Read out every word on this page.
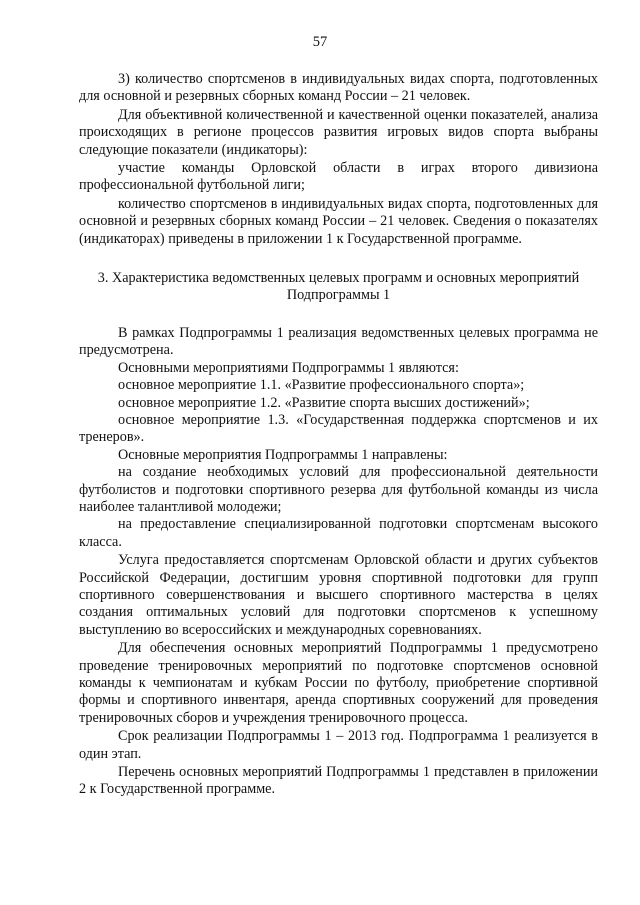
57

3) количество спортсменов в индивидуальных видах спорта, подготовленных для основной и резервных сборных команд России – 21 человек.

Для объективной количественной и качественной оценки показателей, анализа происходящих в регионе процессов развития игровых видов спорта выбраны следующие показатели (индикаторы):

участие команды Орловской области в играх второго дивизиона профессиональной футбольной лиги;

количество спортсменов в индивидуальных видах спорта, подготовленных для основной и резервных сборных команд России – 21 человек. Сведения о показателях (индикаторах) приведены в приложении 1 к Государственной программе.

3. Характеристика ведомственных целевых программ и основных мероприятий
Подпрограммы 1

В рамках Подпрограммы 1 реализация ведомственных целевых программа не предусмотрена.

Основными мероприятиями Подпрограммы 1 являются:

основное мероприятие 1.1. «Развитие профессионального спорта»;

основное мероприятие 1.2. «Развитие спорта высших достижений»;

основное мероприятие 1.3. «Государственная поддержка спортсменов и их тренеров».

Основные мероприятия Подпрограммы 1 направлены:

на создание необходимых условий для профессиональной деятельности футболистов и подготовки спортивного резерва для футбольной команды из числа наиболее талантливой молодежи;

на предоставление специализированной подготовки спортсменам высокого класса.

Услуга предоставляется спортсменам Орловской области и других субъектов Российской Федерации, достигшим уровня спортивной подготовки для групп спортивного совершенствования и высшего спортивного мастерства в целях создания оптимальных условий для подготовки спортсменов к успешному выступлению во всероссийских и международных соревнованиях.

Для обеспечения основных мероприятий Подпрограммы 1 предусмотрено проведение тренировочных мероприятий по подготовке спортсменов основной команды к чемпионатам и кубкам России по футболу, приобретение спортивной формы и спортивного инвентаря, аренда спортивных сооружений для проведения тренировочных сборов и учреждения тренировочного процесса.

Срок реализации Подпрограммы 1 – 2013 год. Подпрограмма 1 реализуется в один этап.

Перечень основных мероприятий Подпрограммы 1 представлен в приложении 2 к Государственной программе.
